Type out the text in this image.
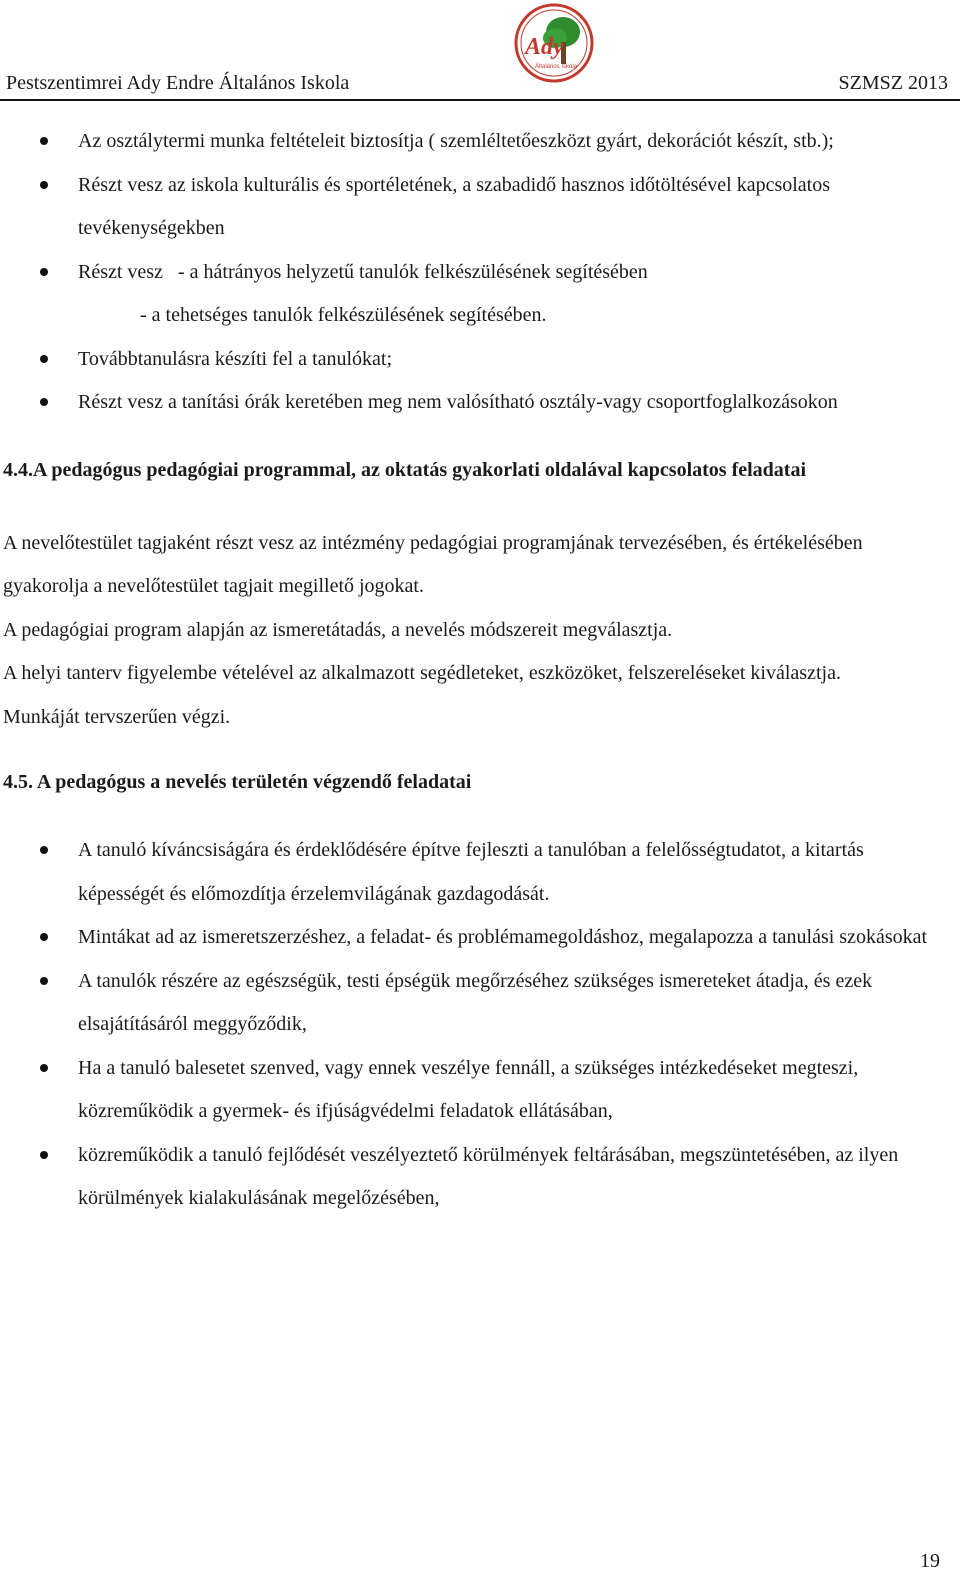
Pestszentimrei Ady Endre Általános Iskola
Ady
Általános Iskola
SZMSZ 2013
Az osztálytermi munka feltételeit biztosítja ( szemléltetőeszközt gyárt, dekorációt készít, stb.);
Részt vesz az iskola kulturális és sportéletének, a szabadidő hasznos időtöltésével kapcsolatos tevékenységekben
Részt vesz   - a hátrányos helyzetű tanulók felkészülésének segítésében
- a tehetséges tanulók felkészülésének segítésében.
Továbbtanulásra készíti fel a tanulókat;
Részt vesz a tanítási órák keretében meg nem valósítható osztály-vagy csoportfoglalkozásokon
4.4.A pedagógus pedagógiai programmal, az oktatás gyakorlati oldalával kapcsolatos feladatai
A nevelőtestület tagjaként részt vesz az intézmény pedagógiai programjának tervezésében, és értékelésében gyakorolja a nevelőtestület tagjait megillető jogokat.
A pedagógiai program alapján az ismeretátadás, a nevelés módszereit megválasztja.
A helyi tanterv figyelembe vételével az alkalmazott segédleteket, eszközöket, felszereléseket kiválasztja.
Munkáját tervszerűen végzi.
4.5. A pedagógus a nevelés területén végzendő feladatai
A tanuló kíváncsiságára és érdeklődésére építve fejleszti a tanulóban a felelősségtudatot, a kitartás képességét és előmozdítja érzelemvilágának gazdagodását.
Mintákat ad az ismeretszerzéshez, a feladat- és problémamegoldáshoz, megalapozza a tanulási szokásokat
A tanulók részére az egészségük, testi épségük megőrzéséhez szükséges ismereteket átadja, és ezek elsajátításáról meggyőződik,
Ha a tanuló balesetet szenved, vagy ennek veszélye fennáll, a szükséges intézkedéseket megteszi, közreműködik a gyermek- és ifjúságvédelmi feladatok ellátásában,
közreműködik a tanuló fejlődését veszélyeztető körülmények feltárásában, megszüntetésében, az ilyen körülmények kialakulásának megelőzésében,
19
